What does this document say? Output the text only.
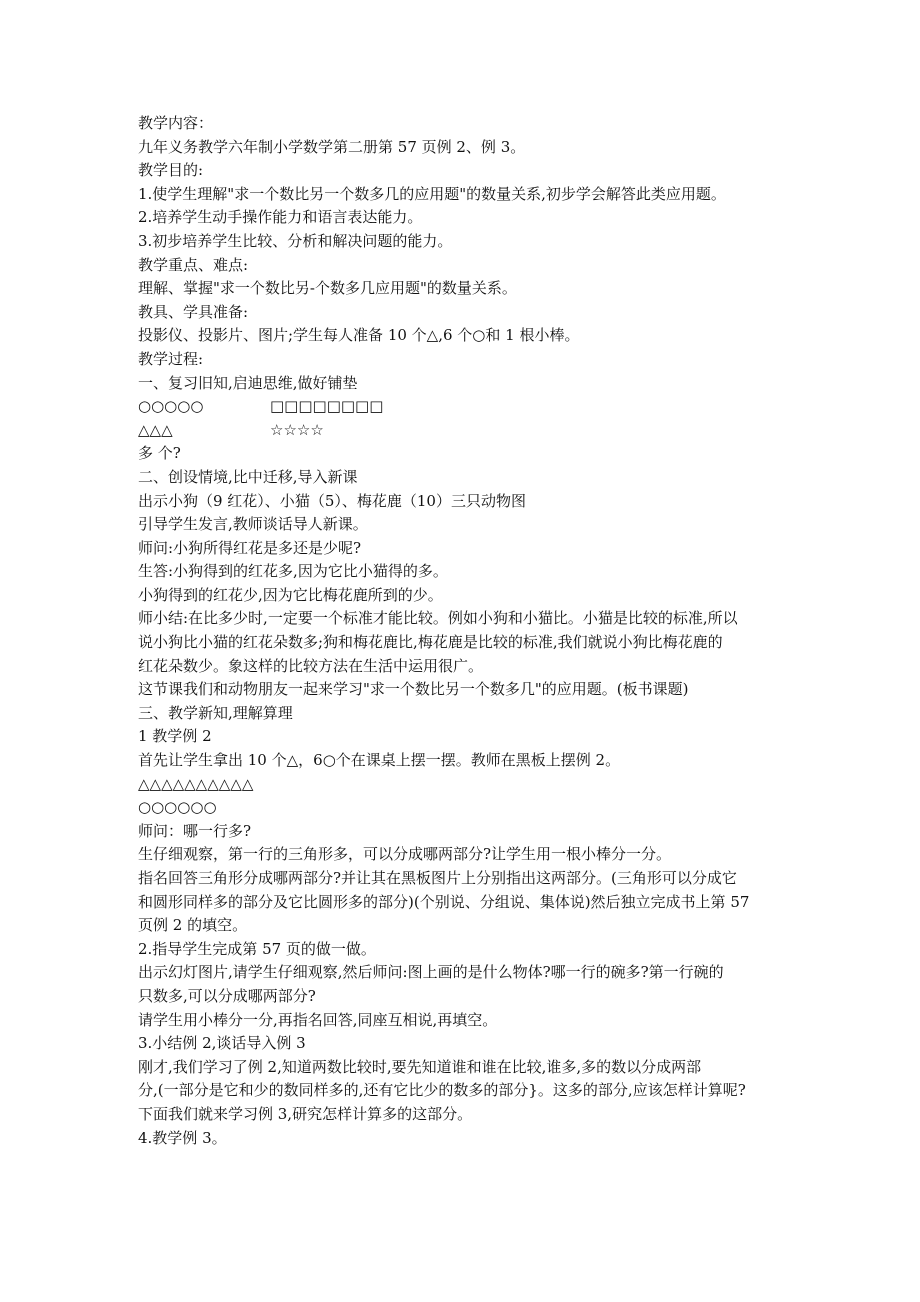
教学内容：
九年义务教学六年制小学数学第二册第 57 页例 2、例 3。
教学目的:
1.使学生理解"求一个数比另一个数多几的应用题"的数量关系,初步学会解答此类应用题。
2.培养学生动手操作能力和语言表达能力。
3.初步培养学生比较、分析和解决问题的能力。
教学重点、难点:
理解、掌握"求一个数比另-个数多几应用题"的数量关系。
教具、学具准备:
投影仪、投影片、图片;学生每人准备 10 个△,6 个○和 1 根小棒。
教学过程:
一、复习旧知,启迪思维,做好铺垫
○○○○○	□□□□□□□□
△△△	☆☆☆☆
多 个?
二、创设情境,比中迁移,导入新课
出示小狗（9 红花）、小猫（5）、梅花鹿（10）三只动物图
引导学生发言,教师谈话导人新课。
师问:小狗所得红花是多还是少呢?
生答:小狗得到的红花多,因为它比小猫得的多。
小狗得到的红花少,因为它比梅花鹿所到的少。
师小结:在比多少时,一定要一个标准才能比较。例如小狗和小猫比。小猫是比较的标准,所以
说小狗比小猫的红花朵数多;狗和梅花鹿比,梅花鹿是比较的标准,我们就说小狗比梅花鹿的
红花朵数少。象这样的比较方法在生活中运用很广。
这节课我们和动物朋友一起来学习"求一个数比另一个数多几"的应用题。(板书课题)
三、教学新知,理解算理
1 教学例 2
首先让学生拿出 10 个△，6○个在课桌上摆一摆。教师在黑板上摆例 2。
△△△△△△△△△△
○○○○○○
师问：哪一行多?
生仔细观察，第一行的三角形多，可以分成哪两部分?让学生用一根小棒分一分。
指名回答三角形分成哪两部分?并让其在黑板图片上分别指出这两部分。(三角形可以分成它
和圆形同样多的部分及它比圆形多的部分)(个别说、分组说、集体说)然后独立完成书上第 57
页例 2 的填空。
2.指导学生完成第 57 页的做一做。
出示幻灯图片,请学生仔细观察,然后师问:图上画的是什么物体?哪一行的碗多?第一行碗的
只数多,可以分成哪两部分?
请学生用小棒分一分,再指名回答,同座互相说,再填空。
3.小结例 2,谈话导入例 3
刚才,我们学习了例 2,知道两数比较时,要先知道谁和谁在比较,谁多,多的数以分成两部
分,(一部分是它和少的数同样多的,还有它比少的数多的部分}。这多的部分,应该怎样计算呢?
下面我们就来学习例 3,研究怎样计算多的这部分。
4.教学例 3。
